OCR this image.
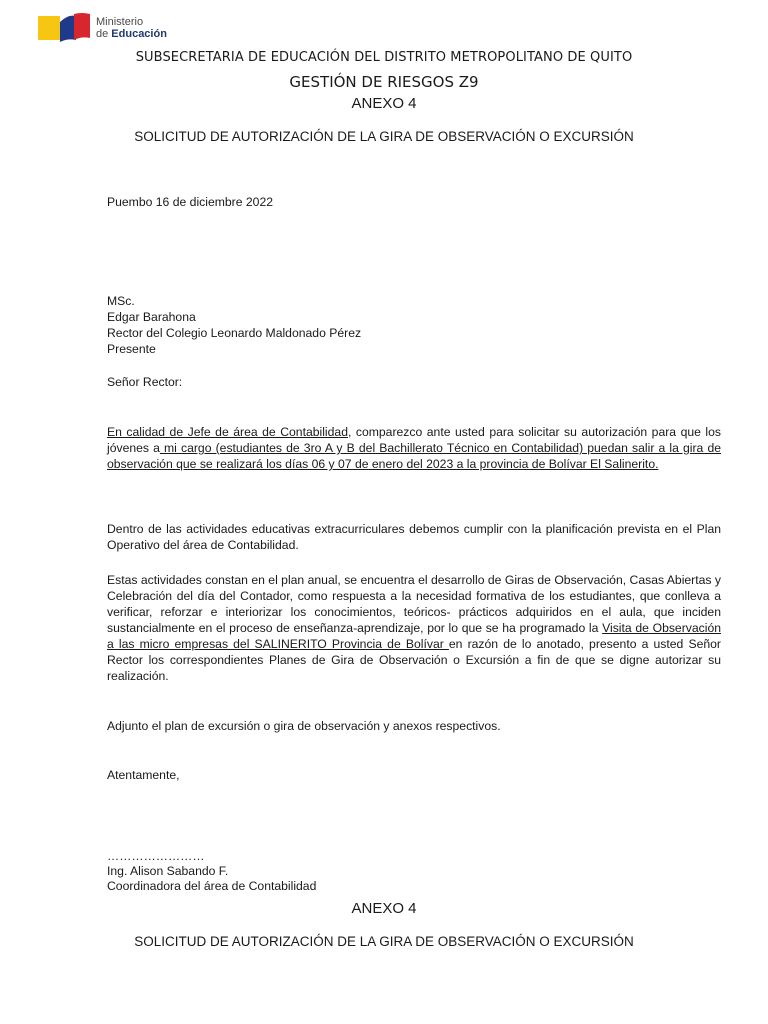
Ministerio
de Educación

SUBSECRETARIA DE EDUCACIÓN DEL DISTRITO METROPOLITANO DE QUITO

GESTIÓN DE RIESGOS Z9

ANEXO 4

SOLICITUD DE AUTORIZACIÓN DE LA GIRA DE OBSERVACIÓN O EXCURSIÓN

Puembo 16 de diciembre 2022

MSc.
Edgar Barahona
Rector del Colegio Leonardo Maldonado Pérez
Presente

Señor Rector:

En calidad de Jefe de área de Contabilidad, comparezco ante usted para solicitar su autorización para que los jóvenes a mi cargo (estudiantes de 3ro A y B del Bachillerato Técnico en Contabilidad) puedan salir a la gira de observación que se realizará los días 06 y 07 de enero del 2023 a la provincia de Bolívar El Salinerito.

Dentro de las actividades educativas extracurriculares debemos cumplir con la planificación prevista en el Plan Operativo del área de Contabilidad.

Estas actividades constan en el plan anual, se encuentra el desarrollo de Giras de Observación, Casas Abiertas y Celebración del día del Contador, como respuesta a la necesidad formativa de los estudiantes, que conlleva a verificar, reforzar e interiorizar los conocimientos, teóricos- prácticos adquiridos en el aula, que inciden sustancialmente en el proceso de enseñanza-aprendizaje, por lo que se ha programado la Visita de Observación a las micro empresas del SALINERITO Provincia de Bolívar en razón de lo anotado, presento a usted Señor Rector los correspondientes Planes de Gira de Observación o Excursión a fin de que se digne autorizar su realización.

Adjunto el plan de excursión o gira de observación y anexos respectivos.

Atentamente,

……………………
Ing. Alison Sabando F.
Coordinadora del área de Contabilidad

ANEXO 4

SOLICITUD DE AUTORIZACIÓN DE LA GIRA DE OBSERVACIÓN O EXCURSIÓN
